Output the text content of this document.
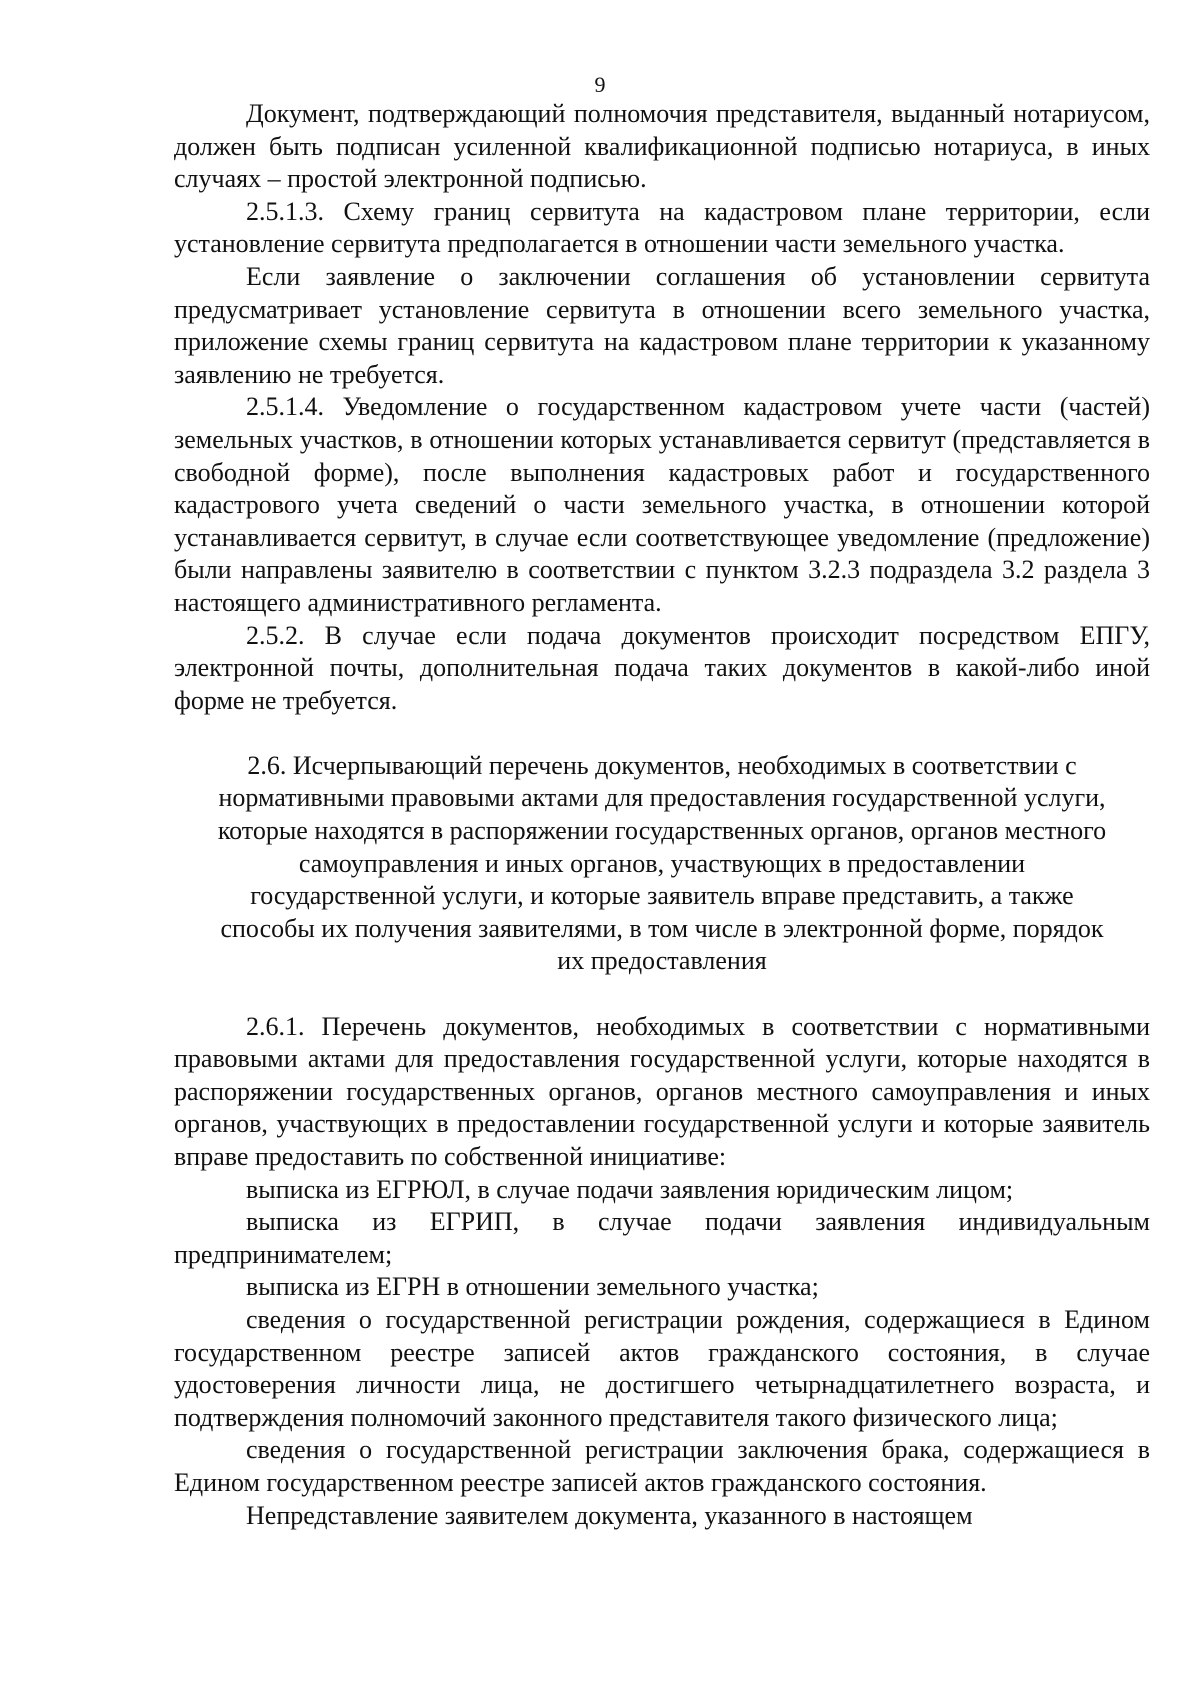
9

Документ, подтверждающий полномочия представителя, выданный нотариусом, должен быть подписан усиленной квалификационной подписью нотариуса, в иных случаях – простой электронной подписью.

2.5.1.3. Схему границ сервитута на кадастровом плане территории, если установление сервитута предполагается в отношении части земельного участка.

Если заявление о заключении соглашения об установлении сервитута предусматривает установление сервитута в отношении всего земельного участка, приложение схемы границ сервитута на кадастровом плане территории к указанному заявлению не требуется.

2.5.1.4. Уведомление о государственном кадастровом учете части (частей) земельных участков, в отношении которых устанавливается сервитут (представляется в свободной форме), после выполнения кадастровых работ и государственного кадастрового учета сведений о части земельного участка, в отношении которой устанавливается сервитут, в случае если соответствующее уведомление (предложение) были направлены заявителю в соответствии с пунктом 3.2.3 подраздела 3.2 раздела 3 настоящего административного регламента.

2.5.2. В случае если подача документов происходит посредством ЕПГУ, электронной почты, дополнительная подача таких документов в какой-либо иной форме не требуется.

2.6. Исчерпывающий перечень документов, необходимых в соответствии с нормативными правовыми актами для предоставления государственной услуги, которые находятся в распоряжении государственных органов, органов местного самоуправления и иных органов, участвующих в предоставлении государственной услуги, и которые заявитель вправе представить, а также способы их получения заявителями, в том числе в электронной форме, порядок их предоставления

2.6.1. Перечень документов, необходимых в соответствии с нормативными правовыми актами для предоставления государственной услуги, которые находятся в распоряжении государственных органов, органов местного самоуправления и иных органов, участвующих в предоставлении государственной услуги и которые заявитель вправе предоставить по собственной инициативе:

выписка из ЕГРЮЛ, в случае подачи заявления юридическим лицом;

выписка из ЕГРИП, в случае подачи заявления индивидуальным предпринимателем;

выписка из ЕГРН в отношении земельного участка;

сведения о государственной регистрации рождения, содержащиеся в Едином государственном реестре записей актов гражданского состояния, в случае удостоверения личности лица, не достигшего четырнадцатилетнего возраста, и подтверждения полномочий законного представителя такого физического лица;

сведения о государственной регистрации заключения брака, содержащиеся в Едином государственном реестре записей актов гражданского состояния.

Непредставление заявителем документа, указанного в настоящем
